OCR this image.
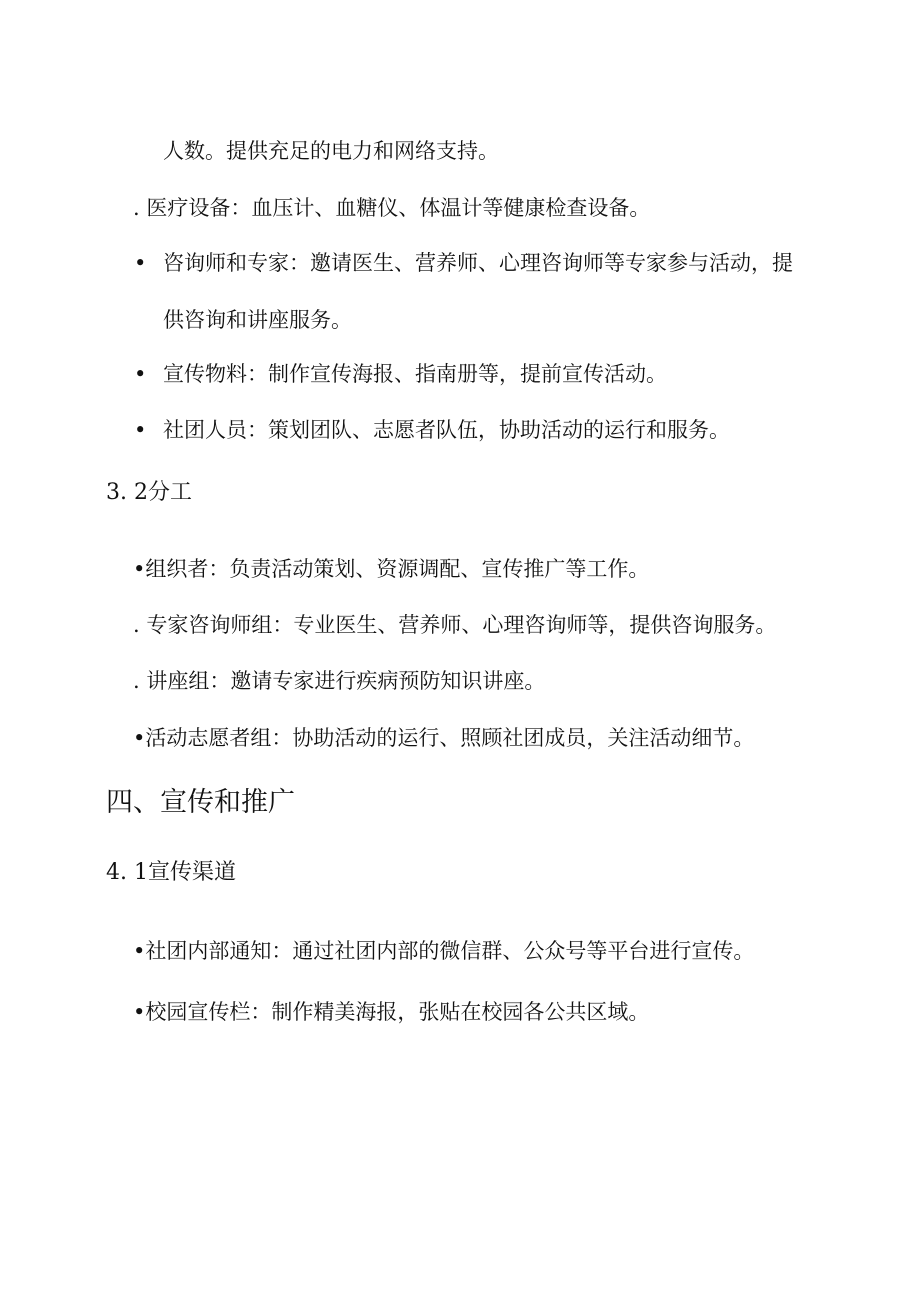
人数。提供充足的电力和网络支持。
. 医疗设备：血压计、血糖仪、体温计等健康检查设备。
• 咨询师和专家：邀请医生、营养师、心理咨询师等专家参与活动，提
供咨询和讲座服务。
• 宣传物料：制作宣传海报、指南册等，提前宣传活动。
• 社团人员：策划团队、志愿者队伍，协助活动的运行和服务。
3. 2分工
•组织者：负责活动策划、资源调配、宣传推广等工作。
. 专家咨询师组：专业医生、营养师、心理咨询师等，提供咨询服务。
. 讲座组：邀请专家进行疾病预防知识讲座。
•活动志愿者组：协助活动的运行、照顾社团成员，关注活动细节。
四、宣传和推广
4. 1宣传渠道
•社团内部通知：通过社团内部的微信群、公众号等平台进行宣传。
•校园宣传栏：制作精美海报，张贴在校园各公共区域。
